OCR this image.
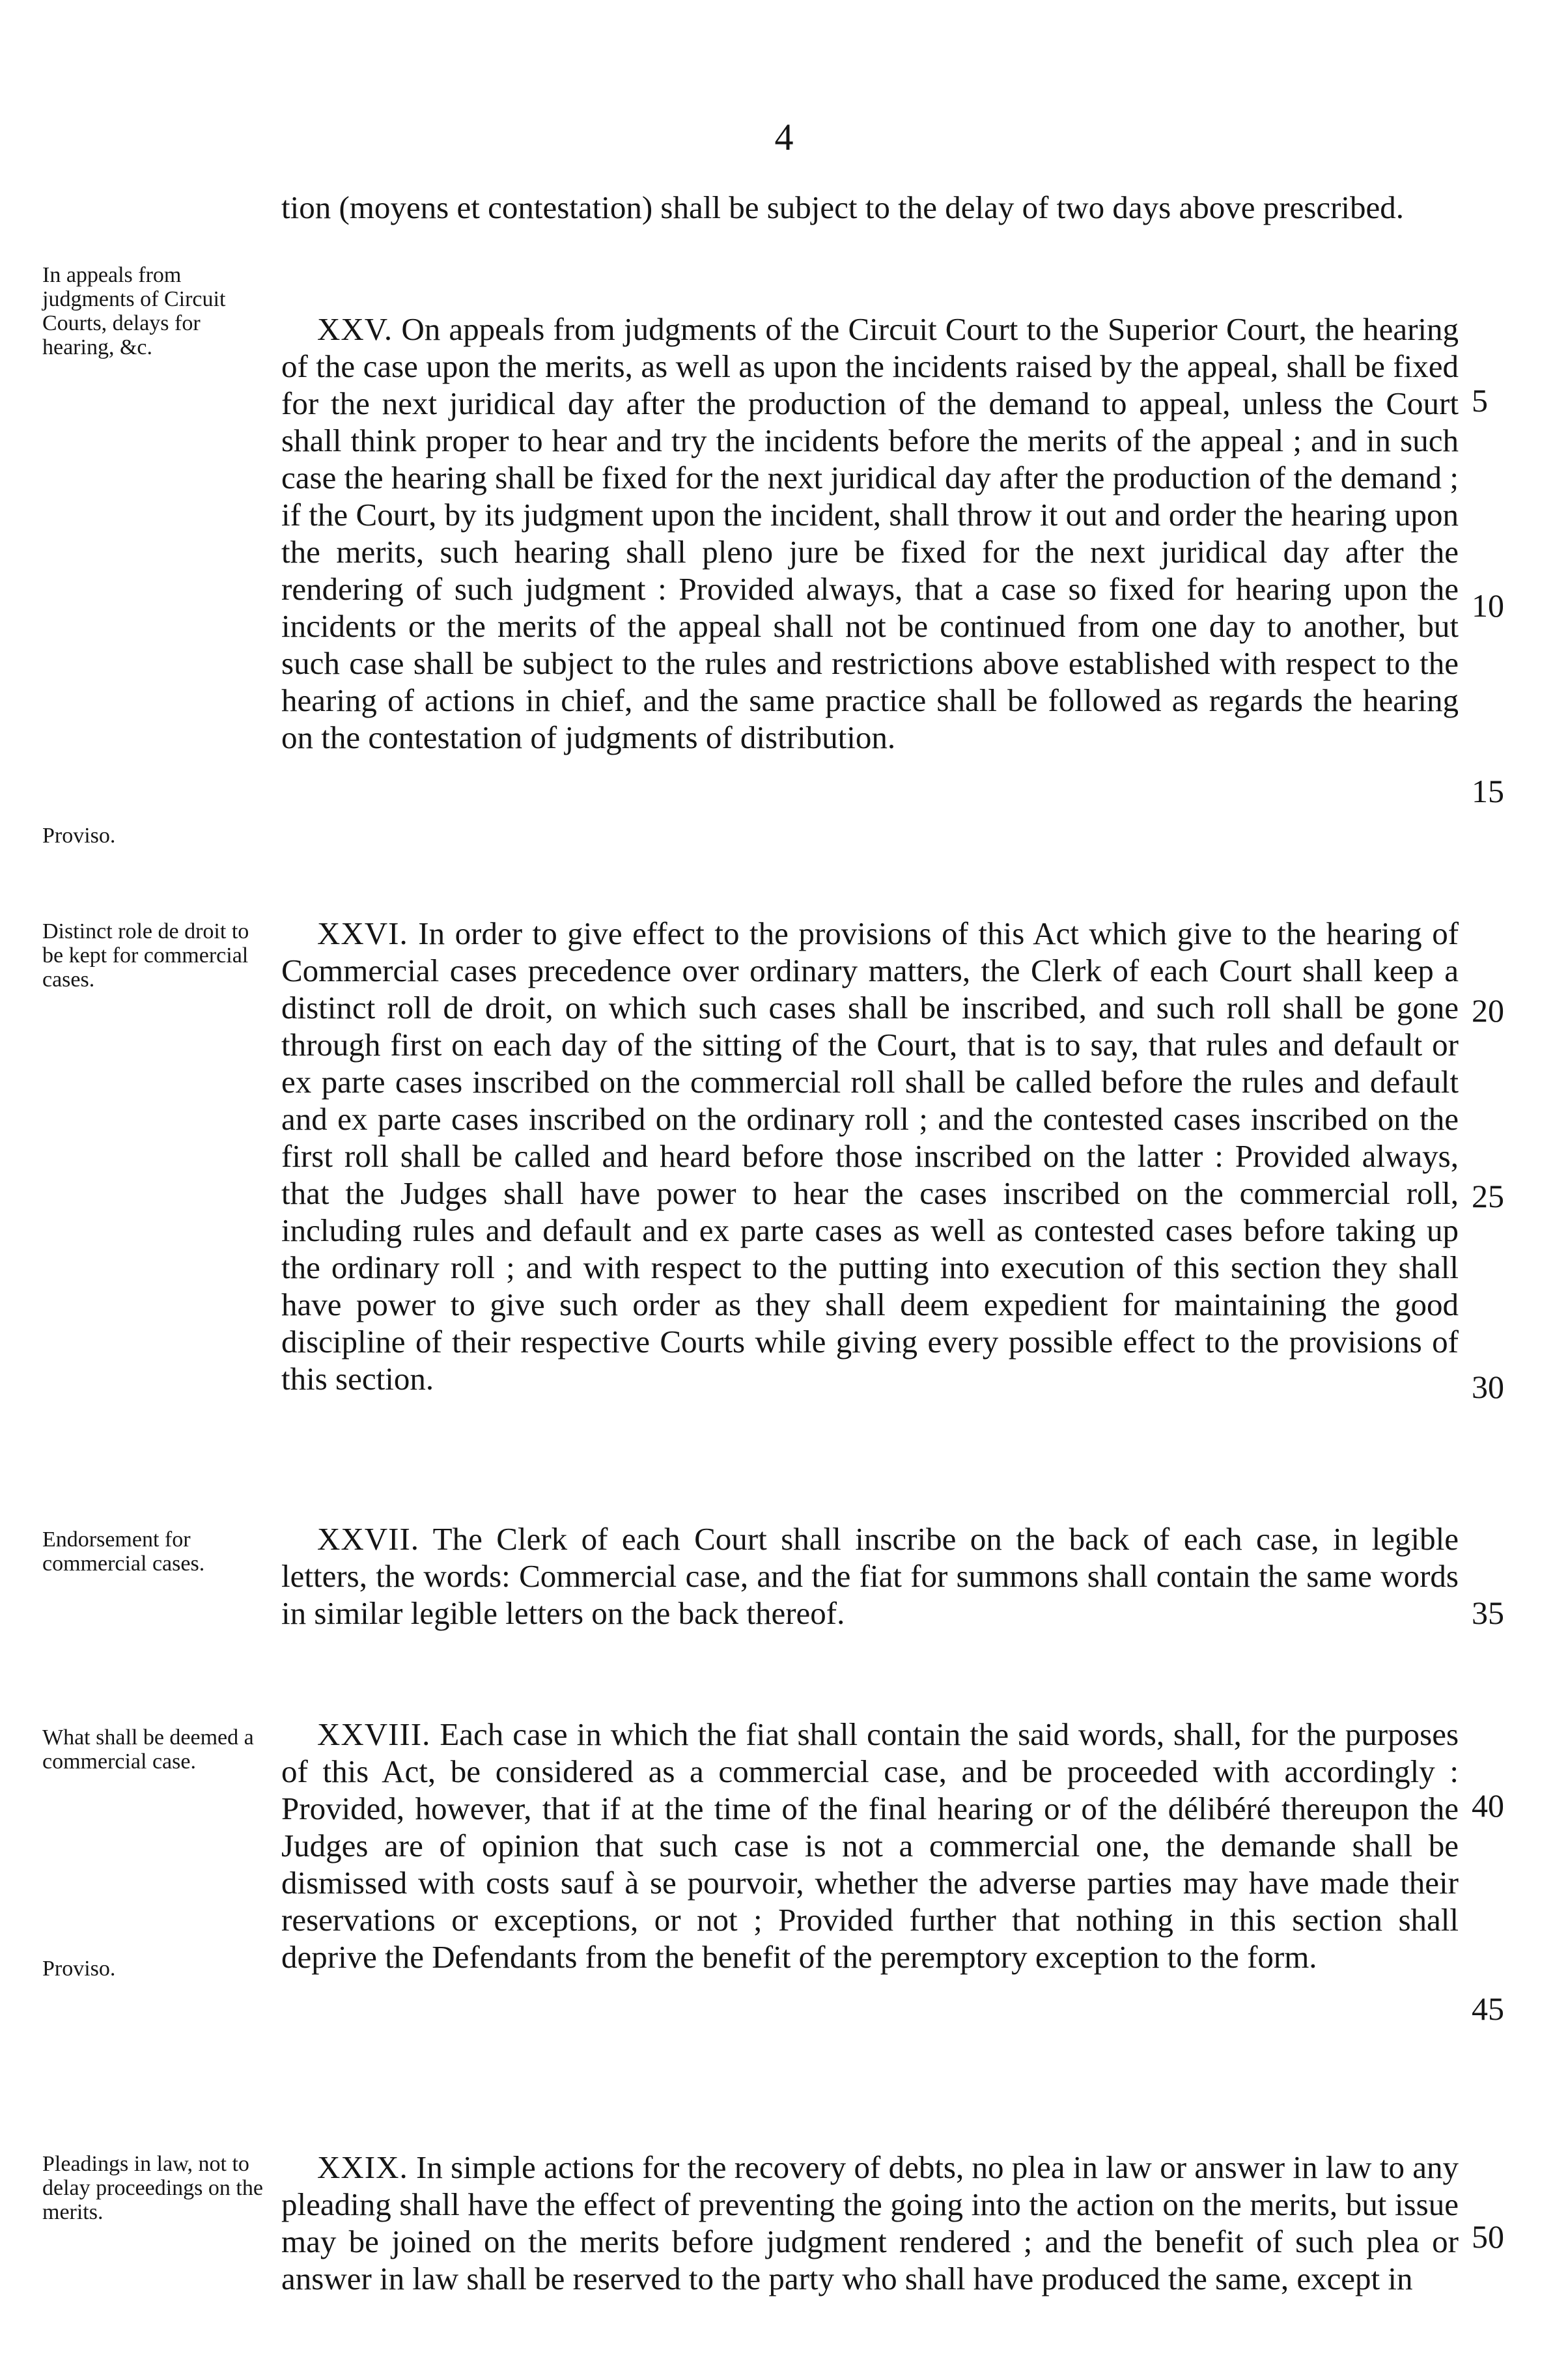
4

tion (moyens et contestation) shall be subject to the delay of two days above prescribed.

In appeals from judgments of Circuit Courts, delays for hearing, &c.

Proviso.

XXV. On appeals from judgments of the Circuit Court to the Superior Court, the hearing of the case upon the merits, as well as upon the incidents raised by the appeal, shall be fixed for the next juridical day after the production of the demand to appeal, unless the Court shall think proper to hear and try the incidents before the merits of the appeal ; and in such case the hearing shall be fixed for the next juridical day after the production of the demand ; if the Court, by its judgment upon the incident, shall throw it out and order the hearing upon the merits, such hearing shall pleno jure be fixed for the next juridical day after the rendering of such judgment : Provided always, that a case so fixed for hearing upon the incidents or the merits of the appeal shall not be continued from one day to another, but such case shall be subject to the rules and restrictions above established with respect to the hearing of actions in chief, and the same practice shall be followed as regards the hearing on the contestation of judgments of distribution.

Distinct role de droit to be kept for commercial cases.

XXVI. In order to give effect to the provisions of this Act which give to the hearing of Commercial cases precedence over ordinary matters, the Clerk of each Court shall keep a distinct roll de droit, on which such cases shall be inscribed, and such roll shall be gone through first on each day of the sitting of the Court, that is to say, that rules and default or ex parte cases inscribed on the commercial roll shall be called before the rules and default and ex parte cases inscribed on the ordinary roll ; and the contested cases inscribed on the first roll shall be called and heard before those inscribed on the latter : Provided always, that the Judges shall have power to hear the cases inscribed on the commercial roll, including rules and default and ex parte cases as well as contested cases before taking up the ordinary roll ; and with respect to the putting into execution of this section they shall have power to give such order as they shall deem expedient for maintaining the good discipline of their respective Courts while giving every possible effect to the provisions of this section.

Endorsement for commercial cases.

XXVII. The Clerk of each Court shall inscribe on the back of each case, in legible letters, the words: Commercial case, and the fiat for summons shall contain the same words in similar legible letters on the back thereof.

What shall be deemed a commercial case.

Proviso.

XXVIII. Each case in which the fiat shall contain the said words, shall, for the purposes of this Act, be considered as a commercial case, and be proceeded with accordingly : Provided, however, that if at the time of the final hearing or of the délibéré thereupon the Judges are of opinion that such case is not a commercial one, the demande shall be dismissed with costs sauf à se pourvoir, whether the adverse parties may have made their reservations or exceptions, or not ; Provided further that nothing in this section shall deprive the Defendants from the benefit of the peremptory exception to the form.

Pleadings in law, not to delay proceedings on the merits.

XXIX. In simple actions for the recovery of debts, no plea in law or answer in law to any pleading shall have the effect of preventing the going into the action on the merits, but issue may be joined on the merits before judgment rendered ; and the benefit of such plea or answer in law shall be reserved to the party who shall have produced the same, except in
5
10
15
20
25
30
35
40
45
50
